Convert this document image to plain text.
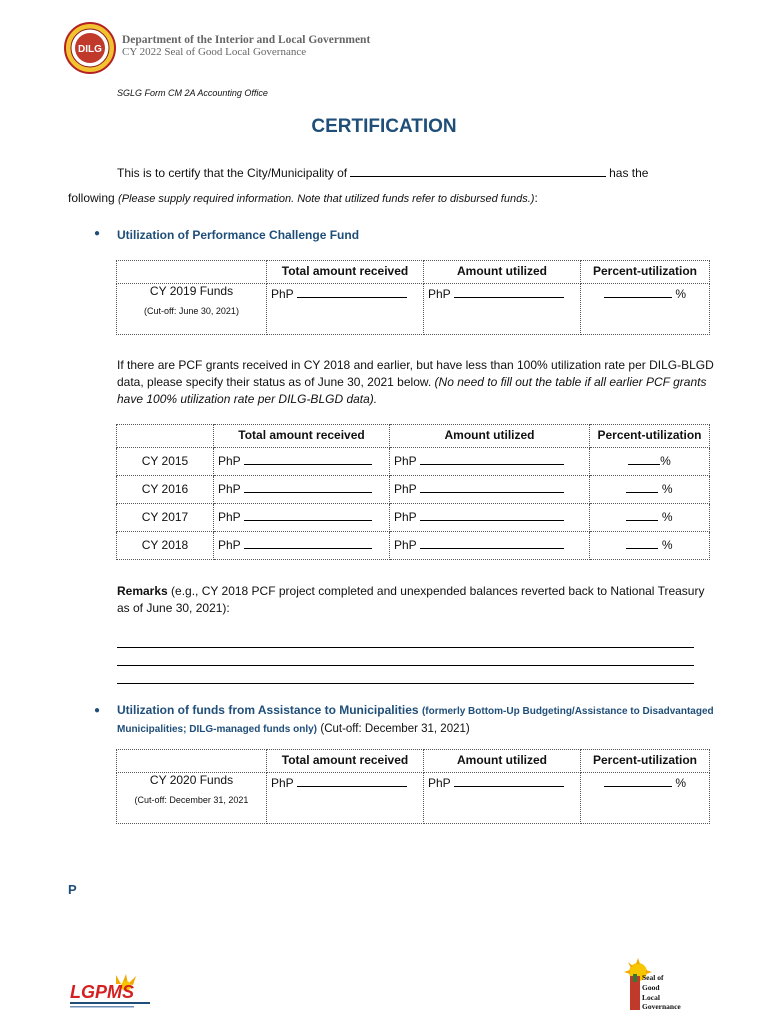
DILG
Department of the Interior and Local Government
CY 2022 Seal of Good Local Governance
SGLG Form CM 2A Accounting Office
CERTIFICATION
This is to certify that the City/Municipality of	has the
following (Please supply required information. Note that utilized funds refer to disbursed funds.):
● Utilization of Performance Challenge Fund
	Total amount received	Amount utilized	Percent-utilization
CY 2019 Funds
(Cut-off: June 30, 2021)	PhP	PhP	%
If there are PCF grants received in CY 2018 and earlier, but have less than 100% utilization rate per DILG-BLGD data, please specify their status as of June 30, 2021 below. (No need to fill out the table if all earlier PCF grants have 100% utilization rate per DILG-BLGD data).
	Total amount received	Amount utilized	Percent-utilization
CY 2015	PhP	PhP	%
CY 2016	PhP	PhP	%
CY 2017	PhP	PhP	%
CY 2018	PhP	PhP	%
Remarks (e.g., CY 2018 PCF project completed and unexpended balances reverted back to National Treasury as of June 30, 2021):
● Utilization of funds from Assistance to Municipalities (formerly Bottom-Up Budgeting/Assistance to Disadvantaged Municipalities; DILG-managed funds only) (Cut-off: December 31, 2021)
	Total amount received	Amount utilized	Percent-utilization
CY 2020 Funds
(Cut-off: December 31, 2021	PhP	PhP	%
P
LGPMS
Seal of
Good
Local
Governance
